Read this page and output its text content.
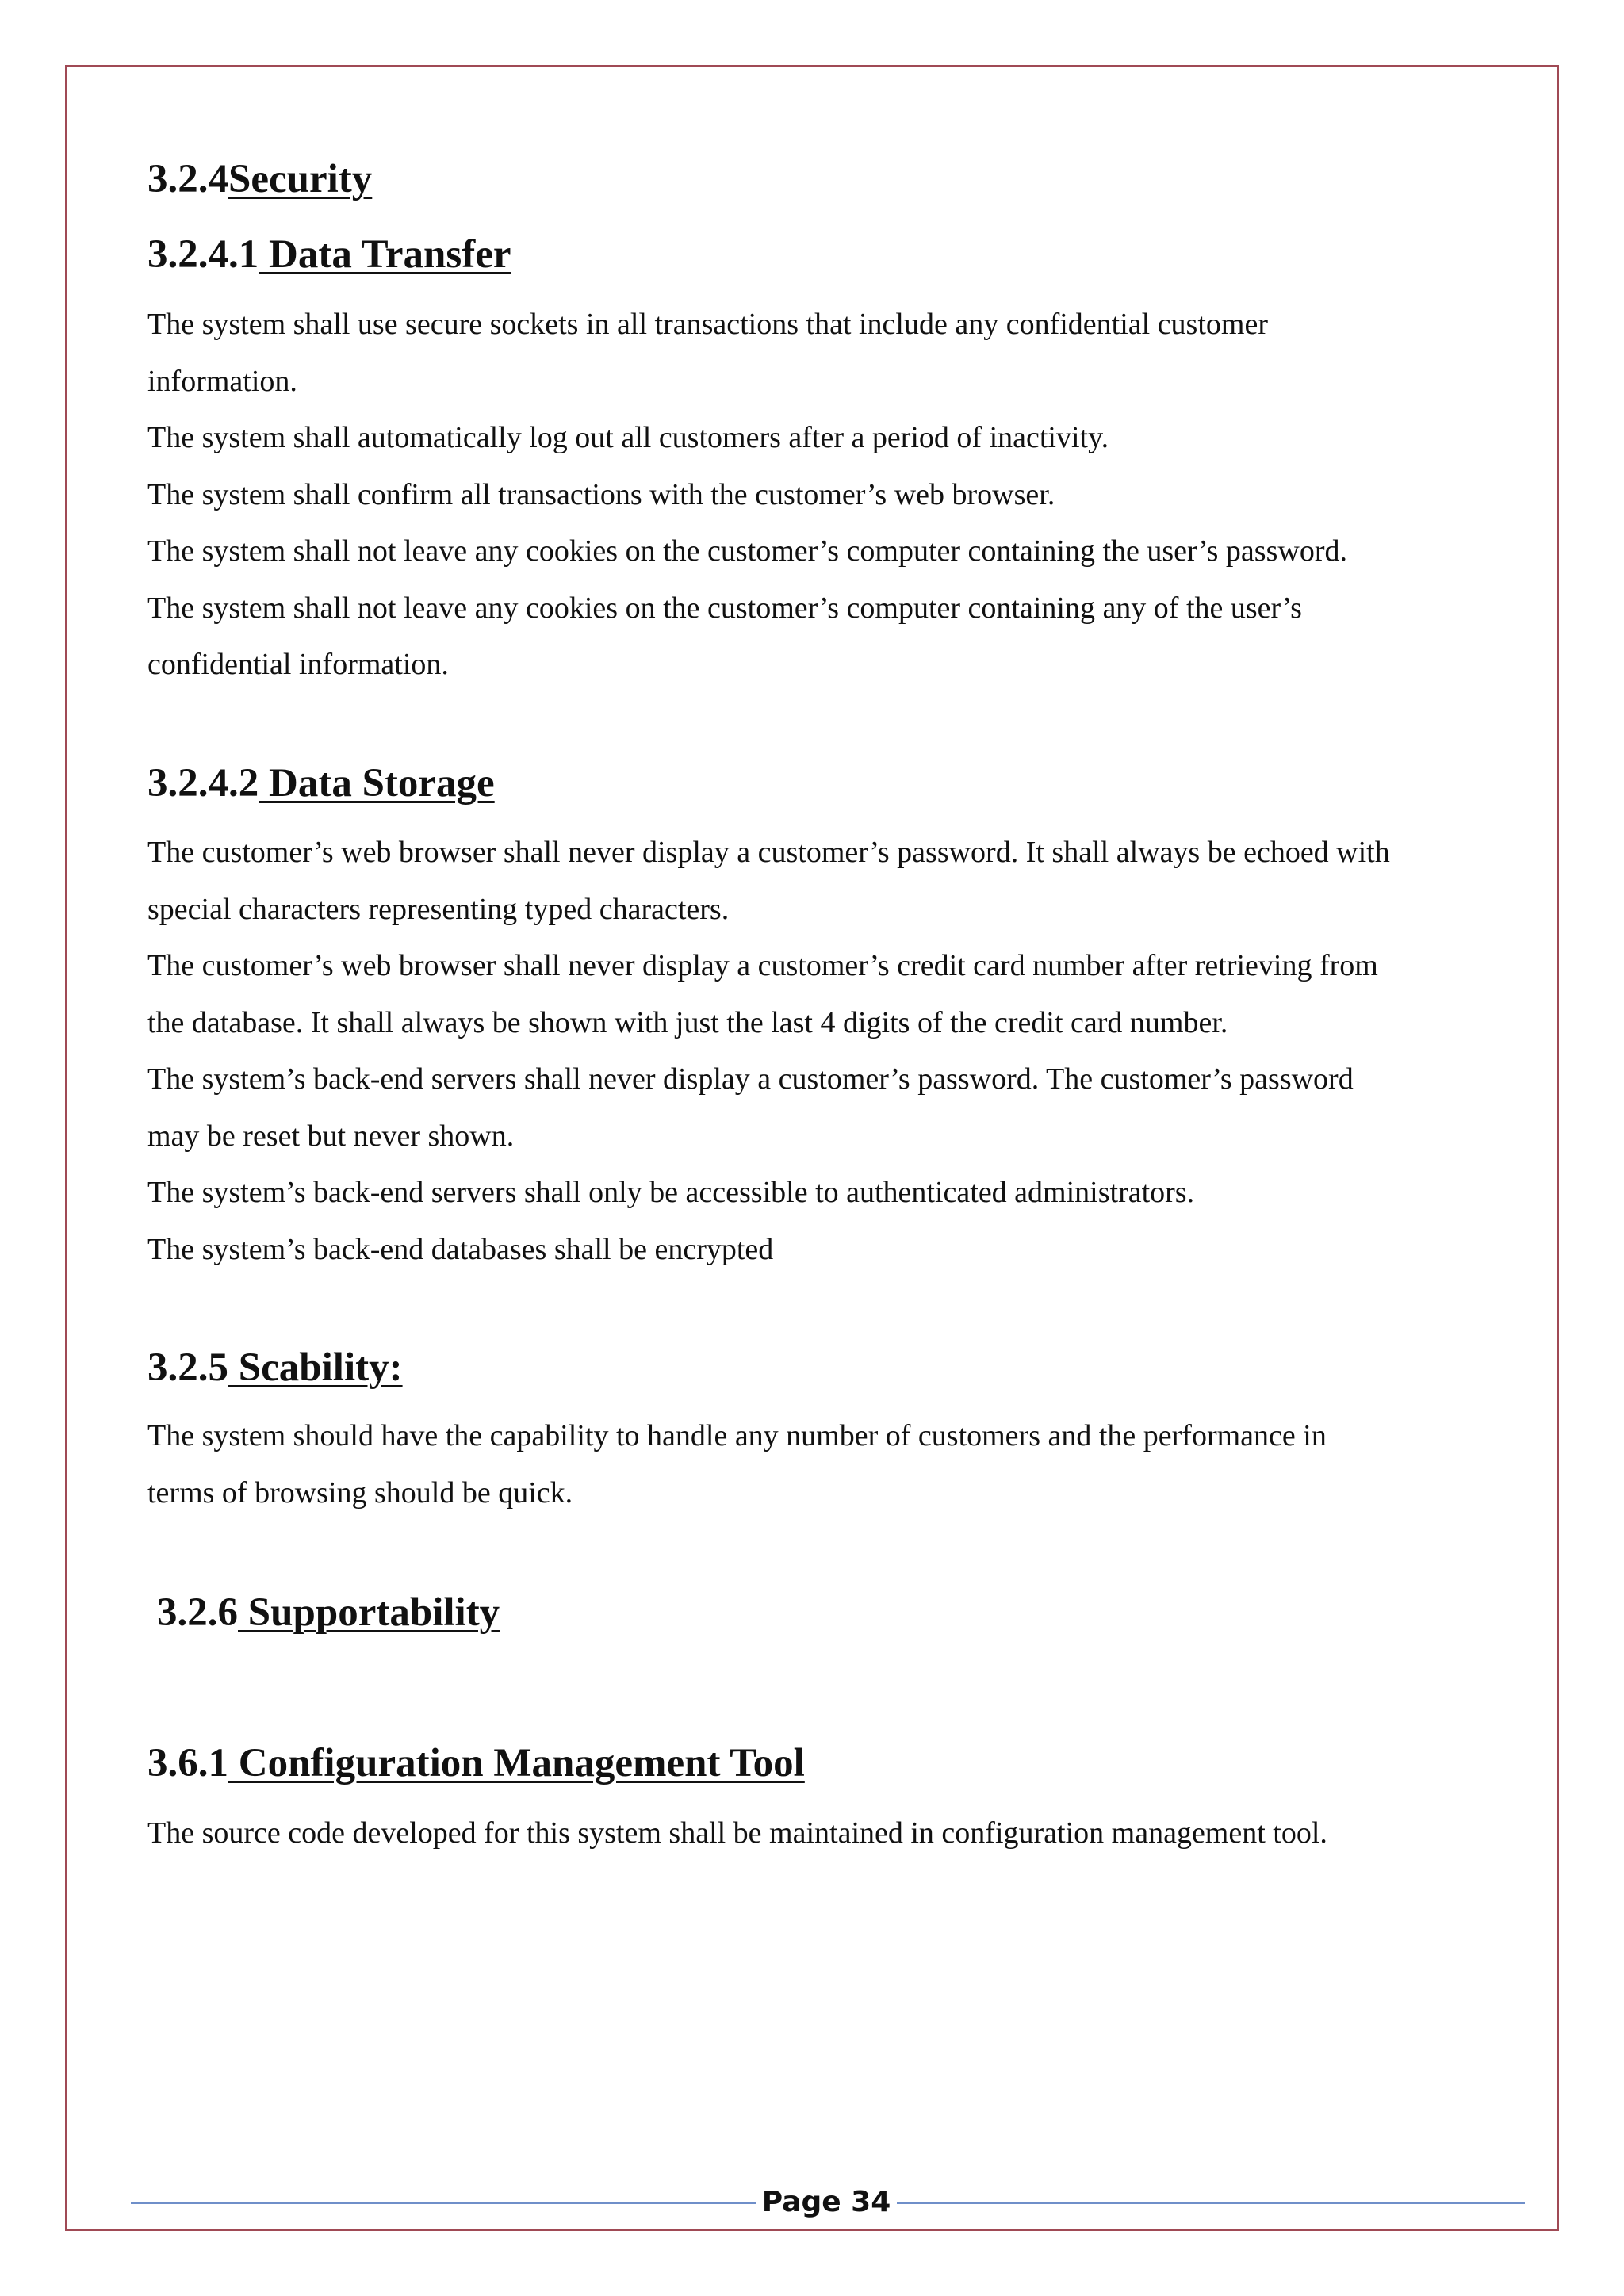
3.2.4Security
3.2.4.1 Data Transfer
The system shall use secure sockets in all transactions that include any confidential customer
information.
The system shall automatically log out all customers after a period of inactivity.
The system shall confirm all transactions with the customer’s web browser.
The system shall not leave any cookies on the customer’s computer containing the user’s password.
The system shall not leave any cookies on the customer’s computer containing any of the user’s
confidential information.
3.2.4.2 Data Storage
The customer’s web browser shall never display a customer’s password. It shall always be echoed with
special characters representing typed characters.
The customer’s web browser shall never display a customer’s credit card number after retrieving from
the database. It shall always be shown with just the last 4 digits of the credit card number.
The system’s back-end servers shall never display a customer’s password. The customer’s password
may be reset but never shown.
The system’s back-end servers shall only be accessible to authenticated administrators.
The system’s back-end databases shall be encrypted
3.2.5 Scability:
The system should have the capability to handle any number of customers and the performance in
terms of browsing should be quick.
3.2.6 Supportability
3.6.1 Configuration Management Tool
The source code developed for this system shall be maintained in configuration management tool.
Page 34
